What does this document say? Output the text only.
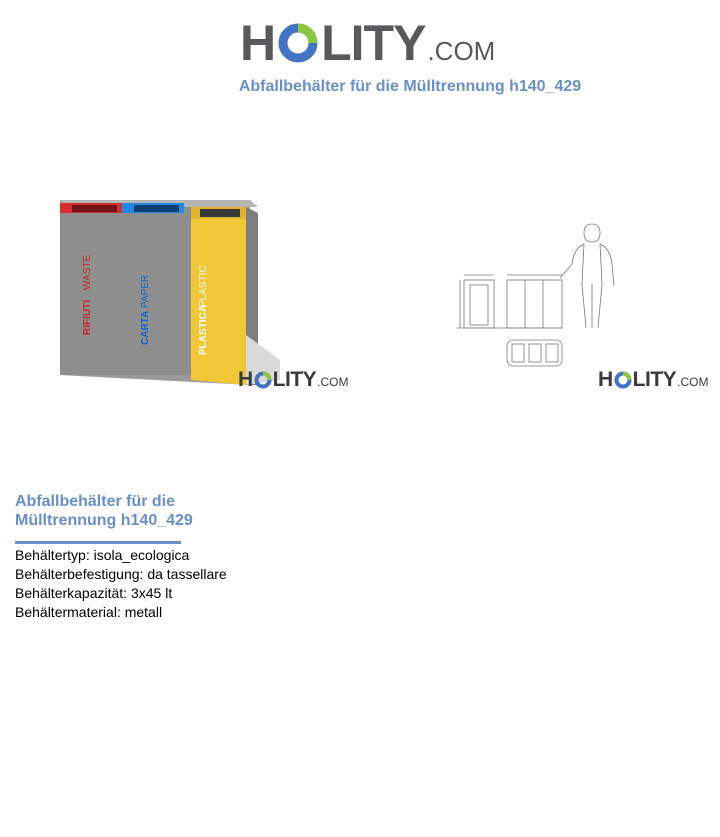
H LITY .COM
Abfallbehälter für die Mülltrennung h140_429
RIFIUTI
WASTE
CARTA
PAPER
PLASTICA
PLASTIC
H LITY .COM	H LITY .COM
Abfallbehälter für die Mülltrennung h140_429
Behältertyp: isola_ecologica
Behälterbefestigung: da tassellare
Behälterkapazität: 3x45 lt
Behältermaterial: metall
